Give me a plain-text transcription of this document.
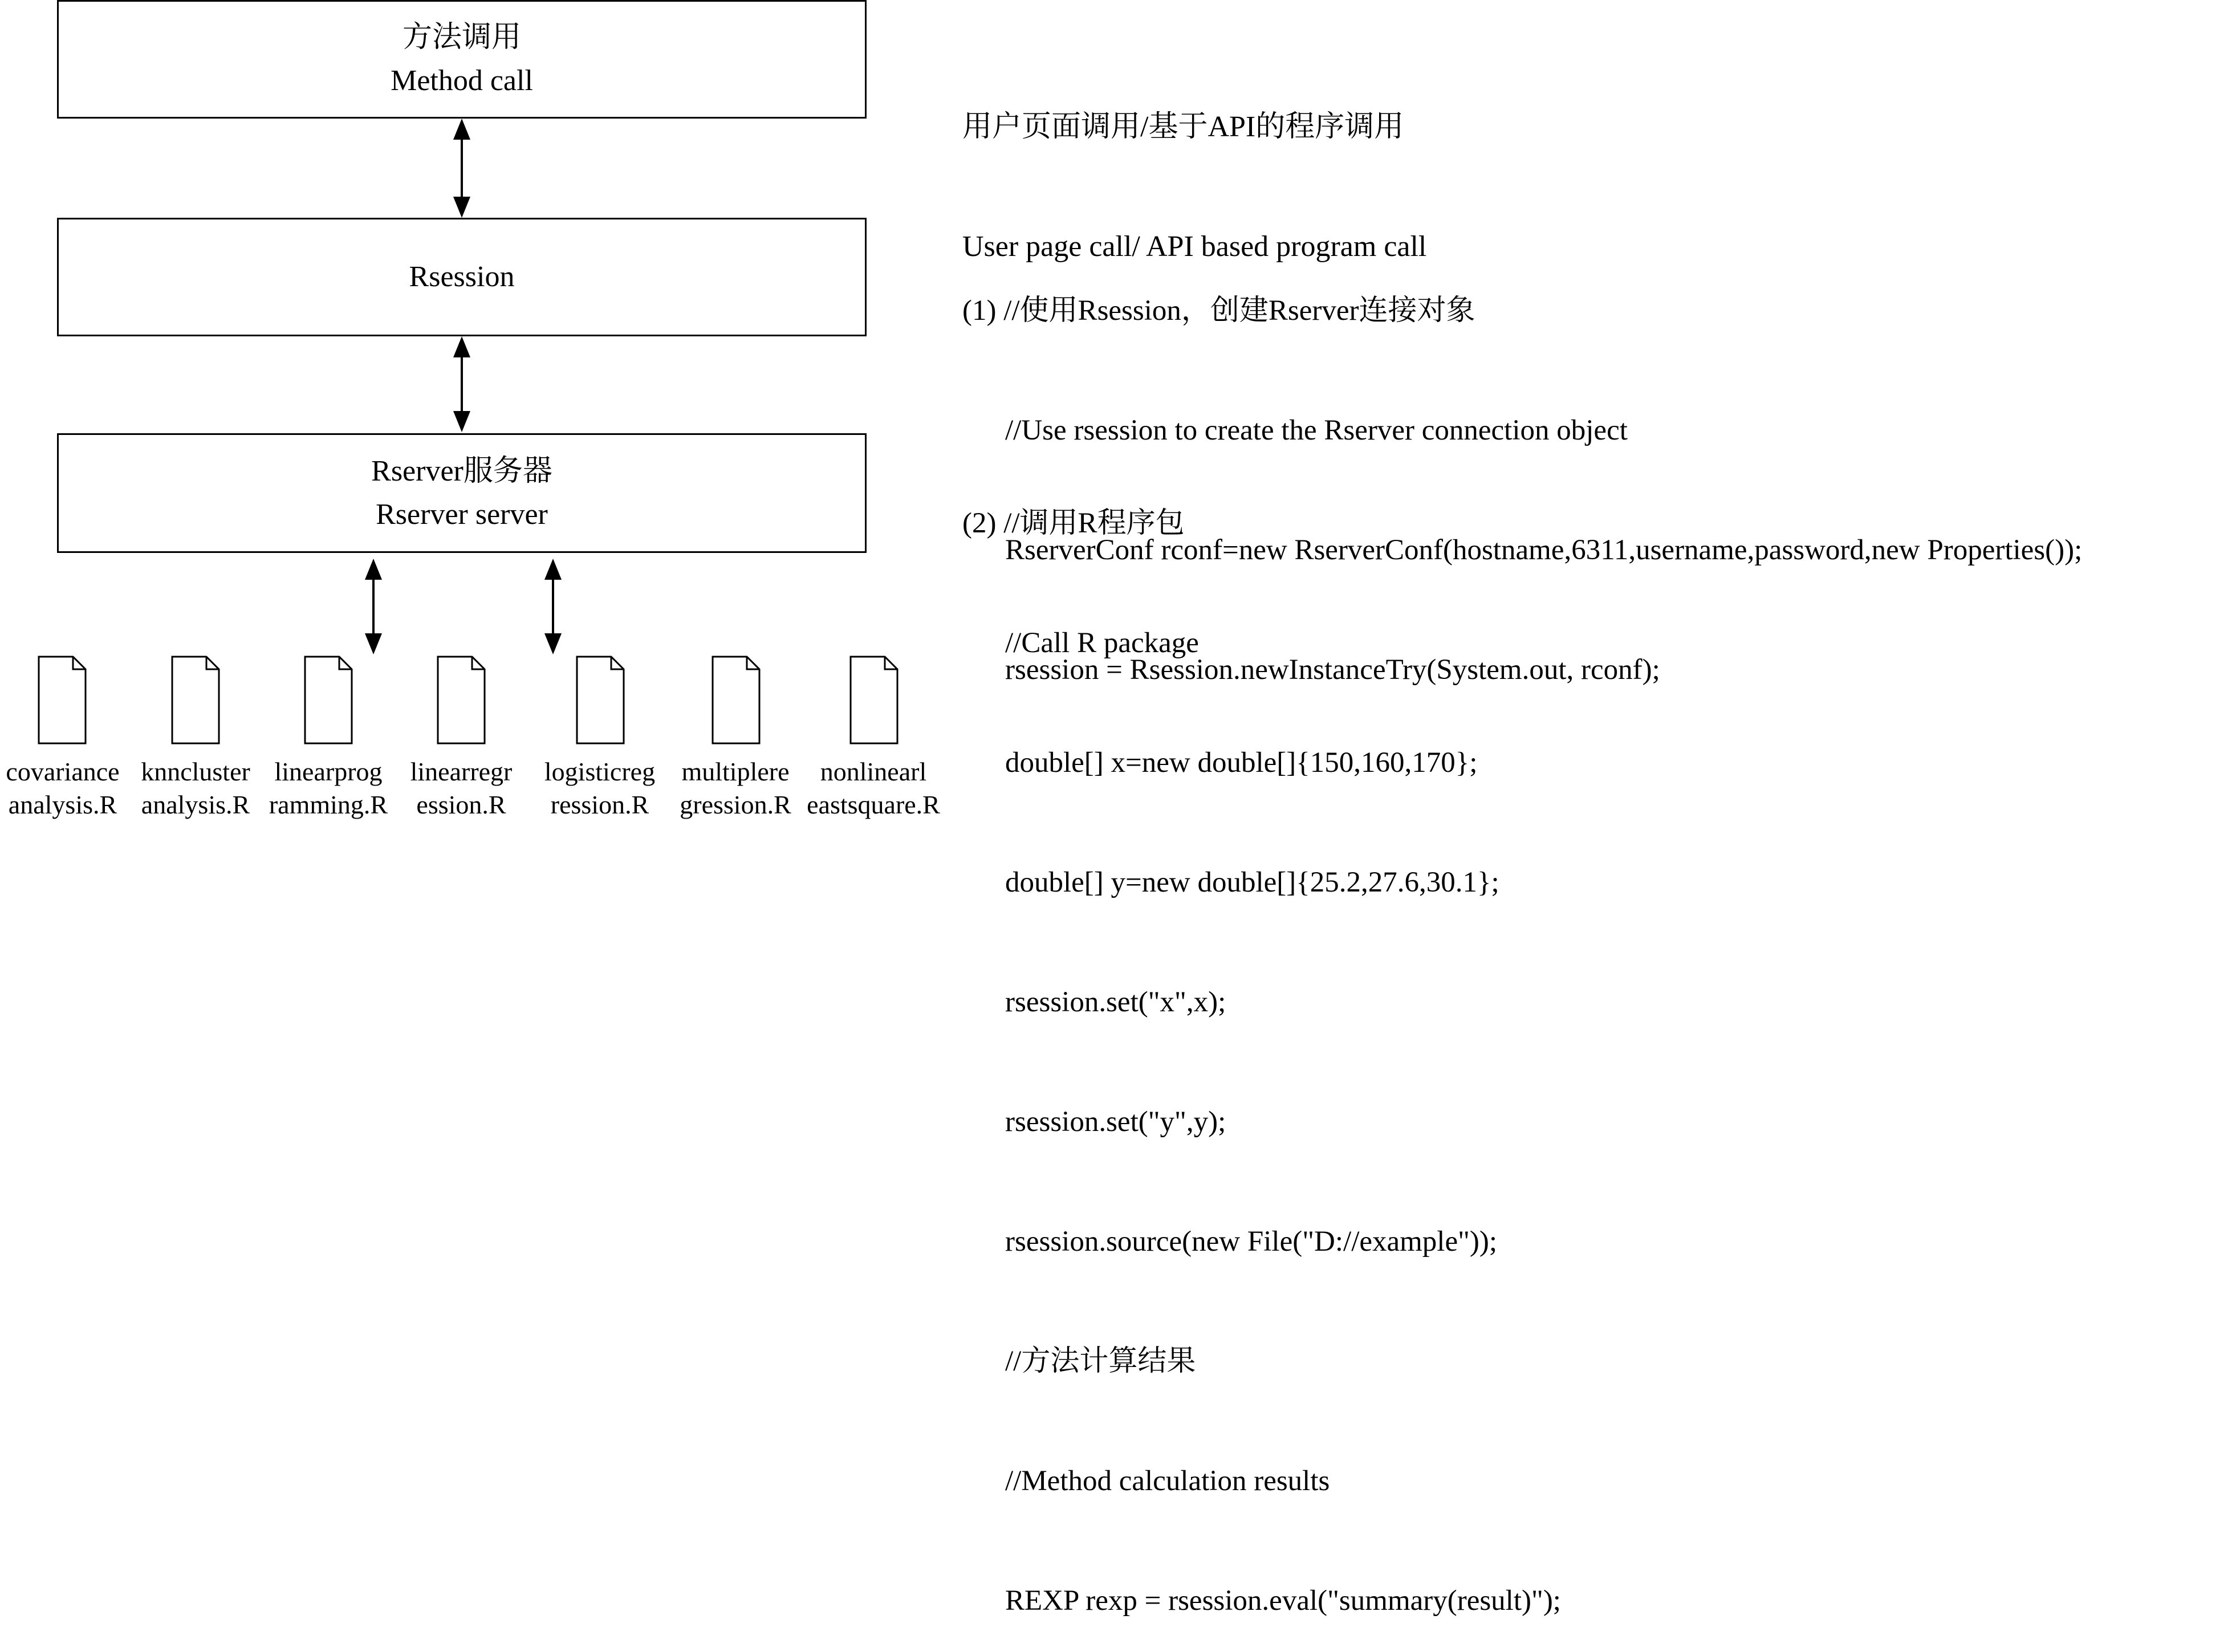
方法调用
Method call
Rsession
Rserver服务器
Rserver server
covariance
analysis.R
knncluster
analysis.R
linearprog
ramming.R
linearregr
ession.R
logisticreg
ression.R
multiplere
gression.R
nonlinearl
eastsquare.R

用户页面调用/基于API的程序调用

User page call/ API based program call

(1) //使用Rsession，创建Rserver连接对象

//Use rsession to create the Rserver connection object

RserverConf rconf=new RserverConf(hostname,6311,username,password,new Properties());

rsession = Rsession.newInstanceTry(System.out, rconf);

(2) //调用R程序包

//Call R package

double[] x=new double[]{150,160,170};

double[] y=new double[]{25.2,27.6,30.1};

rsession.set("x",x);

rsession.set("y",y);

rsession.source(new File("D://example"));

//方法计算结果

//Method calculation results

REXP rexp = rsession.eval("summary(result)");
